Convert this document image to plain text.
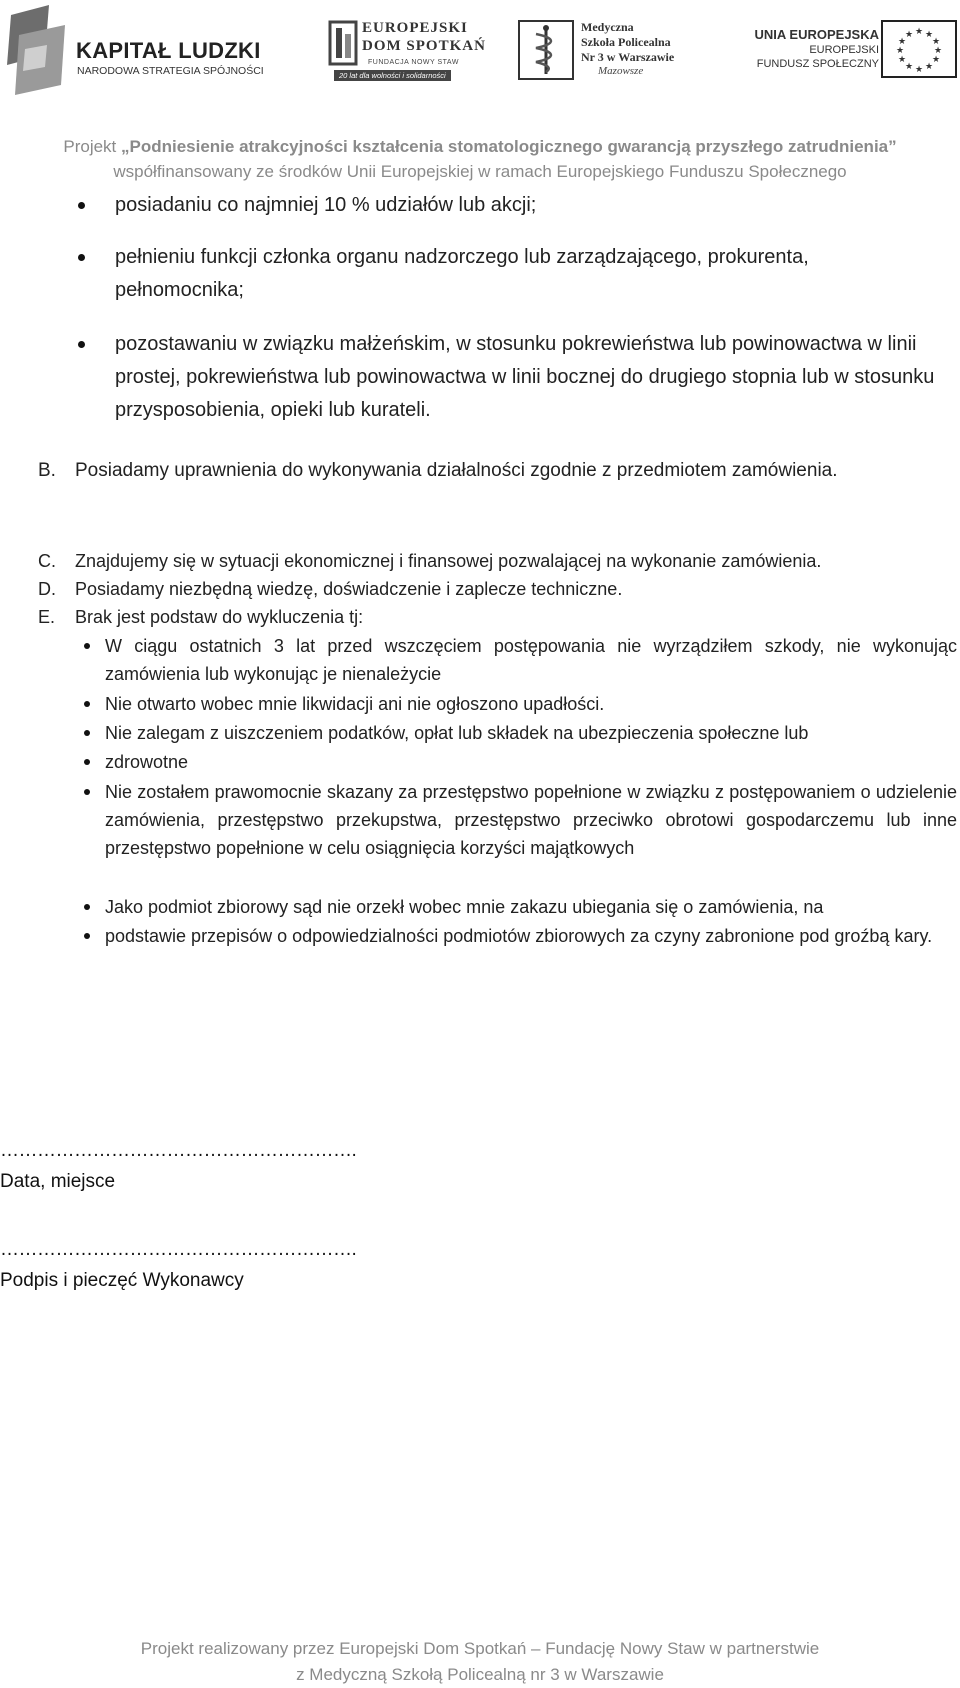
KAPITAŁ LUDZKI
NARODOWA STRATEGIA SPÓJNOŚCI
EUROPEJSKI
DOM SPOTKAŃ
FUNDACJA NOWY STAW
20 lat dla wolności i solidarności
Medyczna
Szkoła Policealna
Nr 3 w Warszawie
Mazowsze
UNIA EUROPEJSKA
EUROPEJSKI
FUNDUSZ SPOŁECZNY
★ ★
★
★
★
★
★
★
★
★
★
★
Projekt „Podniesienie atrakcyjności kształcenia stomatologicznego gwarancją przyszłego zatrudnienia”
współfinansowany ze środków Unii Europejskiej w ramach Europejskiego Funduszu Społecznego
posiadaniu co najmniej 10 % udziałów lub akcji;
pełnieniu funkcji członka organu nadzorczego lub zarządzającego, prokurenta, pełnomocnika;
pozostawaniu w związku małżeńskim, w stosunku pokrewieństwa lub powinowactwa w linii prostej, pokrewieństwa lub powinowactwa w linii bocznej do drugiego stopnia lub w stosunku przysposobienia, opieki lub kurateli.
B. Posiadamy uprawnienia do wykonywania działalności zgodnie z przedmiotem zamówienia.
C. Znajdujemy się w sytuacji ekonomicznej i finansowej pozwalającej na wykonanie zamówienia.
D. Posiadamy niezbędną wiedzę, doświadczenie i zaplecze techniczne.
E. Brak jest podstaw do wykluczenia tj:
W ciągu ostatnich 3 lat przed wszczęciem postępowania nie wyrządziłem szkody, nie wykonując zamówienia lub wykonując je nienależycie
Nie otwarto wobec mnie likwidacji ani nie ogłoszono upadłości.
Nie zalegam z uiszczeniem podatków, opłat lub składek na ubezpieczenia społeczne lub
zdrowotne
Nie zostałem prawomocnie skazany za przestępstwo popełnione w związku z postępowaniem o udzielenie zamówienia, przestępstwo przekupstwa, przestępstwo przeciwko obrotowi gospodarczemu lub inne przestępstwo popełnione w celu osiągnięcia korzyści majątkowych
Jako podmiot zbiorowy sąd nie orzekł wobec mnie zakazu ubiegania się o zamówienia, na
podstawie przepisów o odpowiedzialności podmiotów zbiorowych za czyny zabronione pod groźbą kary.
………………………………………………….
Data, miejsce
………………………………………………….
Podpis i pieczęć Wykonawcy
Projekt realizowany przez Europejski Dom Spotkań – Fundację Nowy Staw w partnerstwie
z Medyczną Szkołą Policealną nr 3 w Warszawie
